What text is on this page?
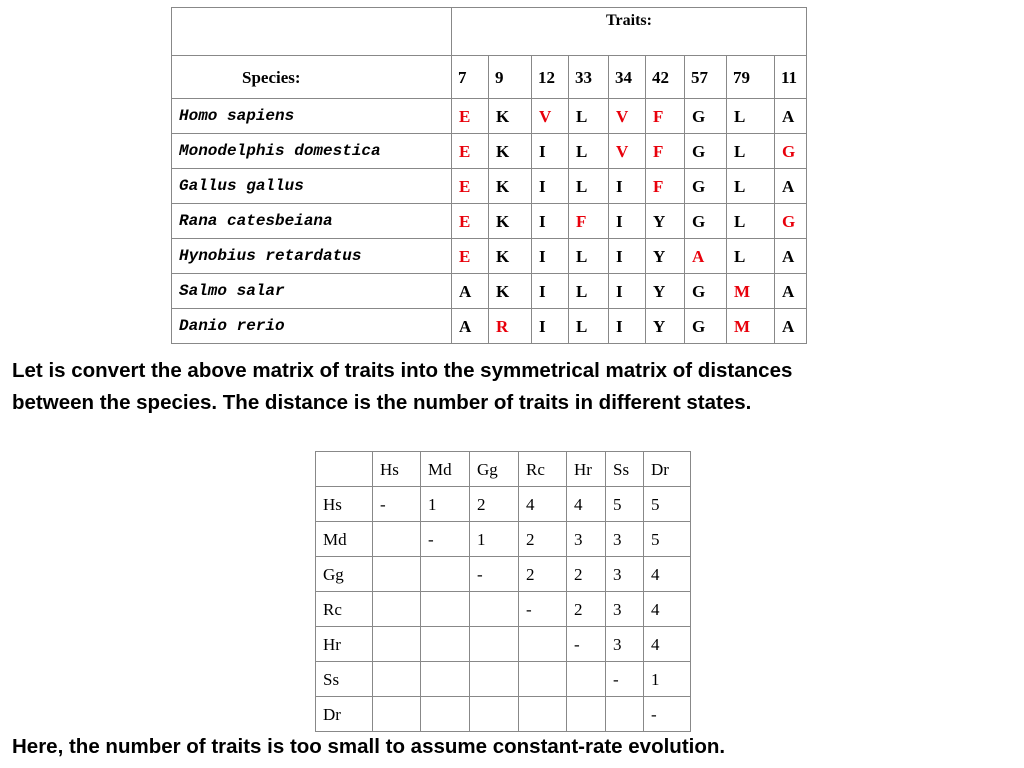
	Traits:								
Species:	7	9	12	33	34	42	57	79	11
Homo sapiens	E	K	V	L	V	F	G	L	A
Monodelphis domestica	E	K	I	L	V	F	G	L	G
Gallus gallus	E	K	I	L	I	F	G	L	A
Rana catesbeiana	E	K	I	F	I	Y	G	L	G
Hynobius retardatus	E	K	I	L	I	Y	A	L	A
Salmo salar	A	K	I	L	I	Y	G	M	A
Danio rerio	A	R	I	L	I	Y	G	M	A

Let is convert the above matrix of traits into the symmetrical matrix of distances
between the species. The distance is the number of traits in different states.

	Hs	Md	Gg	Rc	Hr	Ss	Dr
Hs	-	1	2	4	4	5	5
Md		-	1	2	3	3	5
Gg			-	2	2	3	4
Rc				-	2	3	4
Hr					-	3	4
Ss						-	1
Dr							-

Here, the number of traits is too small to assume constant-rate evolution.
